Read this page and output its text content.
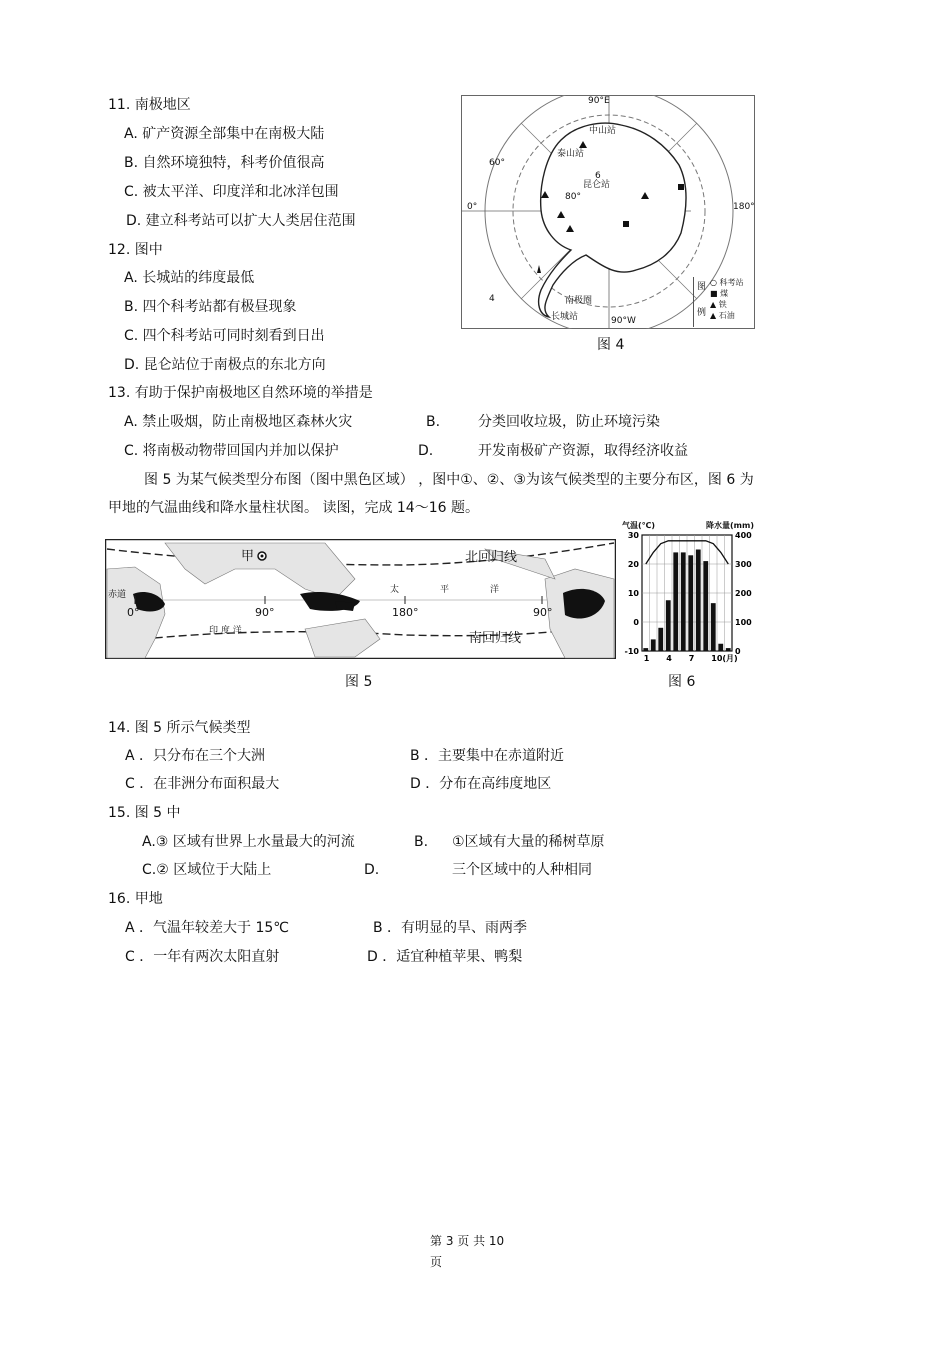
11. 南极地区
A. 矿产资源全部集中在南极大陆
B. 自然环境独特，科考价值很高
C. 被太平洋、印度洋和北冰洋包围
D. 建立科考站可以扩大人类居住范围
12. 图中
A. 长城站的纬度最低
B. 四个科考站都有极昼现象
C. 四个科考站可同时刻看到日出
D. 昆仑站位于南极点的东北方向
13. 有助于保护南极地区自然环境的举措是
A. 禁止吸烟，防止南极地区森林火灾	B.	分类回收垃圾，防止环境污染
C. 将南极动物带回国内并加以保护	D.	开发南极矿产资源，取得经济收益
图 5 为某气候类型分布图（图中黑色区域） ，图中①、②、③为该气候类型的主要分布区，图 6 为
甲地的气温曲线和降水量柱状图。 读图，完成 14～16 题。
90°E
中山站
泰山站
60°
6
昆仑站
80°
0°	180°
4	南极圈
长城站	90°W
图
例
○ 科考站
■ 煤
▲ 铁
▲ 石油
图 4
甲	北回归线
赤道
0°	90°	180°	90°
太	平	洋
印 度 洋	南回归线
图 5
30
20
10
0
-10
400
300
200
100
0
1 4 7 10(月)
气温(℃)	降水量(mm)
图 6
14. 图 5 所示气候类型
A ．只分布在三个大洲	B ．主要集中在赤道附近
C ．在非洲分布面积最大	D ．分布在高纬度地区
15. 图 5 中
A.③ 区域有世界上水量最大的河流	B. ①区域有大量的稀树草原
C.② 区域位于大陆上	D.	三个区域中的人种相同
16. 甲地
A ．气温年较差大于 15℃	B ．有明显的旱、雨两季
C ．一年有两次太阳直射	D ．适宜种植苹果、鸭梨
第 3 页 共 10
页
